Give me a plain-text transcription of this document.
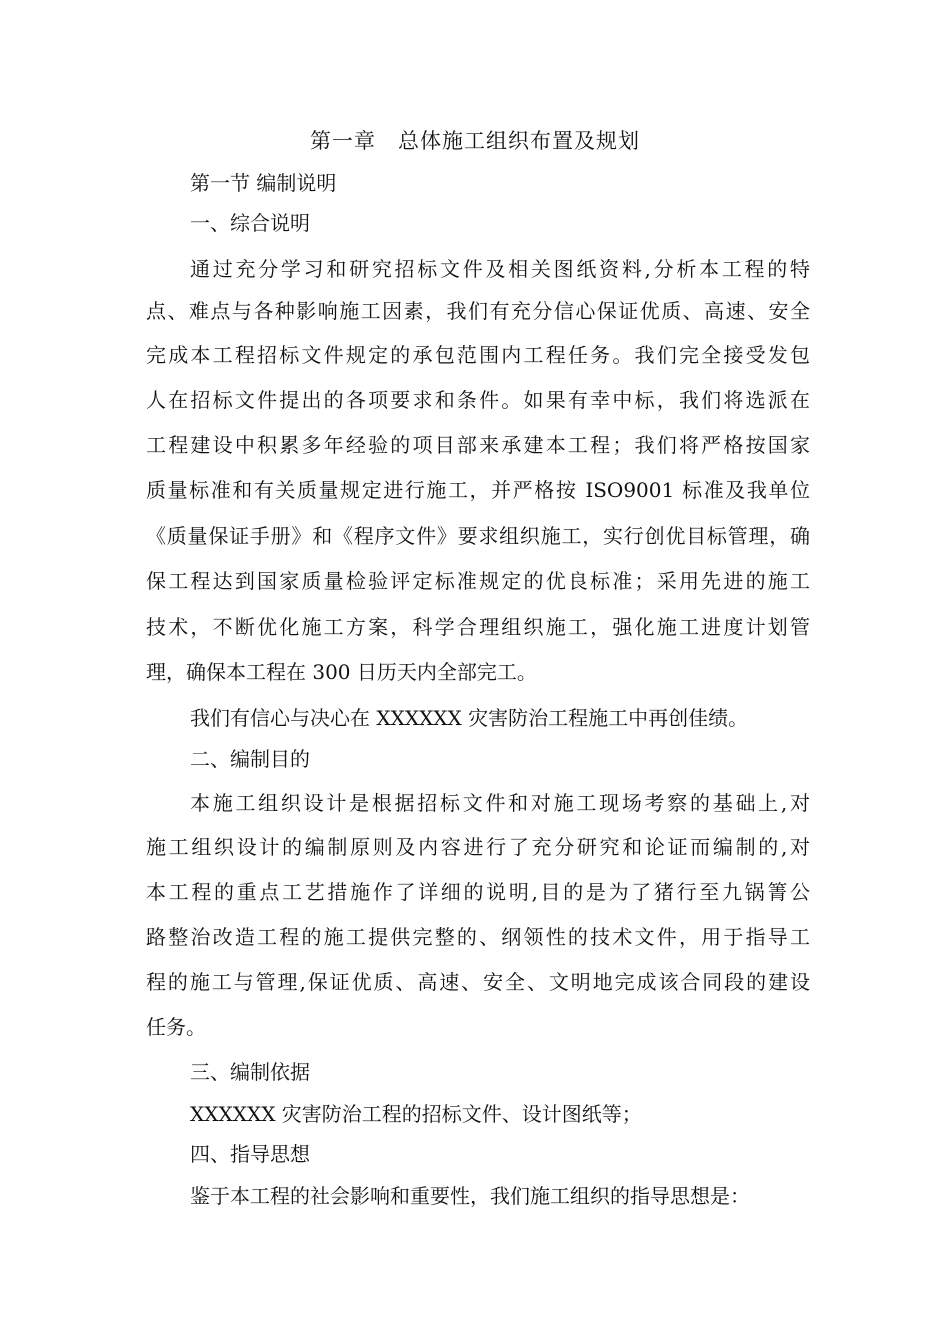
第一章　总体施工组织布置及规划
第一节 编制说明
一、综合说明
通过充分学习和研究招标文件及相关图纸资料,分析本工程的特
点、难点与各种影响施工因素，我们有充分信心保证优质、高速、安全
完成本工程招标文件规定的承包范围内工程任务。我们完全接受发包
人在招标文件提出的各项要求和条件。如果有幸中标，我们将选派在
工程建设中积累多年经验的项目部来承建本工程；我们将严格按国家
质量标准和有关质量规定进行施工，并严格按 ISO9001 标准及我单位
《质量保证手册》和《程序文件》要求组织施工，实行创优目标管理，确
保工程达到国家质量检验评定标准规定的优良标准；采用先进的施工
技术，不断优化施工方案，科学合理组织施工，强化施工进度计划管
理，确保本工程在 300 日历天内全部完工。
我们有信心与决心在 XXXXXX 灾害防治工程施工中再创佳绩。
二、编制目的
本施工组织设计是根据招标文件和对施工现场考察的基础上,对
施工组织设计的编制原则及内容进行了充分研究和论证而编制的,对
本工程的重点工艺措施作了详细的说明,目的是为了猪行至九锅箐公
路整治改造工程的施工提供完整的、纲领性的技术文件，用于指导工
程的施工与管理,保证优质、高速、安全、文明地完成该合同段的建设
任务。
三、编制依据
XXXXXX 灾害防治工程的招标文件、设计图纸等；
四、指导思想
鉴于本工程的社会影响和重要性，我们施工组织的指导思想是：
